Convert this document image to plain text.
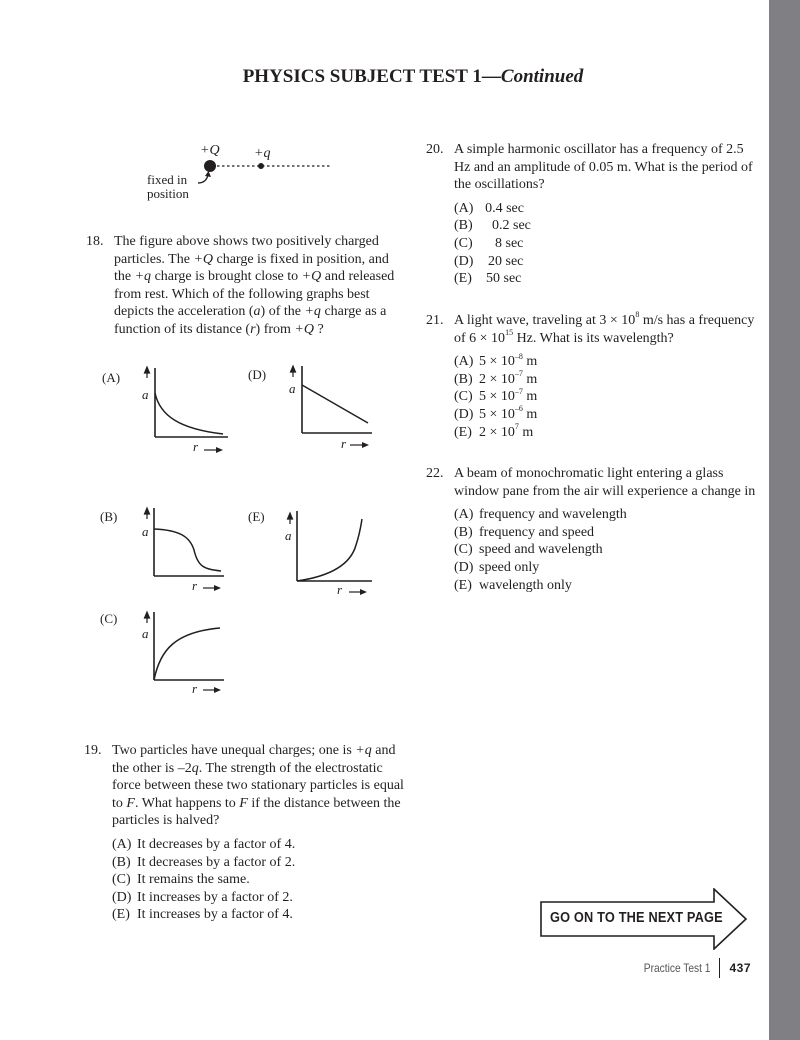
PHYSICS SUBJECT TEST 1—Continued
+Q +q
fixed in
position
18. The figure above shows two positively charged particles. The +Q charge is fixed in position, and the +q charge is brought close to +Q and released from rest. Which of the following graphs best depicts the acceleration (a) of the +q charge as a function of its distance (r) from +Q ?
(A)
a
r
(D)
a
r
(B)
a
r
(E)
a
r
(C)
a
r
19. Two particles have unequal charges; one is +q and the other is –2q. The strength of the electrostatic force between these two stationary particles is equal to F. What happens to F if the distance between the particles is halved?
(A) It decreases by a factor of 4.
(B) It decreases by a factor of 2.
(C) It remains the same.
(D) It increases by a factor of 2.
(E) It increases by a factor of 4.
20. A simple harmonic oscillator has a frequency of 2.5 Hz and an amplitude of 0.05 m. What is the period of the oscillations?
(A) 0.4 sec
(B)	0.2 sec
(C)	8 sec
(D)	20 sec
(E)	50 sec
21. A light wave, traveling at $3 \times 10^8$ m/s has a frequency of $6 \times 10^{15}$ Hz. What is its wavelength?
(A) $5 \times 10^{-8}$ m
(B) $2 \times 10^{-7}$ m
(C) $5 \times 10^{-7}$ m
(D) $5 \times 10^{-6}$ m
(E) $2 \times 10^7$ m
22. A beam of monochromatic light entering a glass window pane from the air will experience a change in
(A) frequency and wavelength
(B) frequency and speed
(C) speed and wavelength
(D) speed only
(E) wavelength only
GO ON TO THE NEXT PAGE
Practice Test 1 437
